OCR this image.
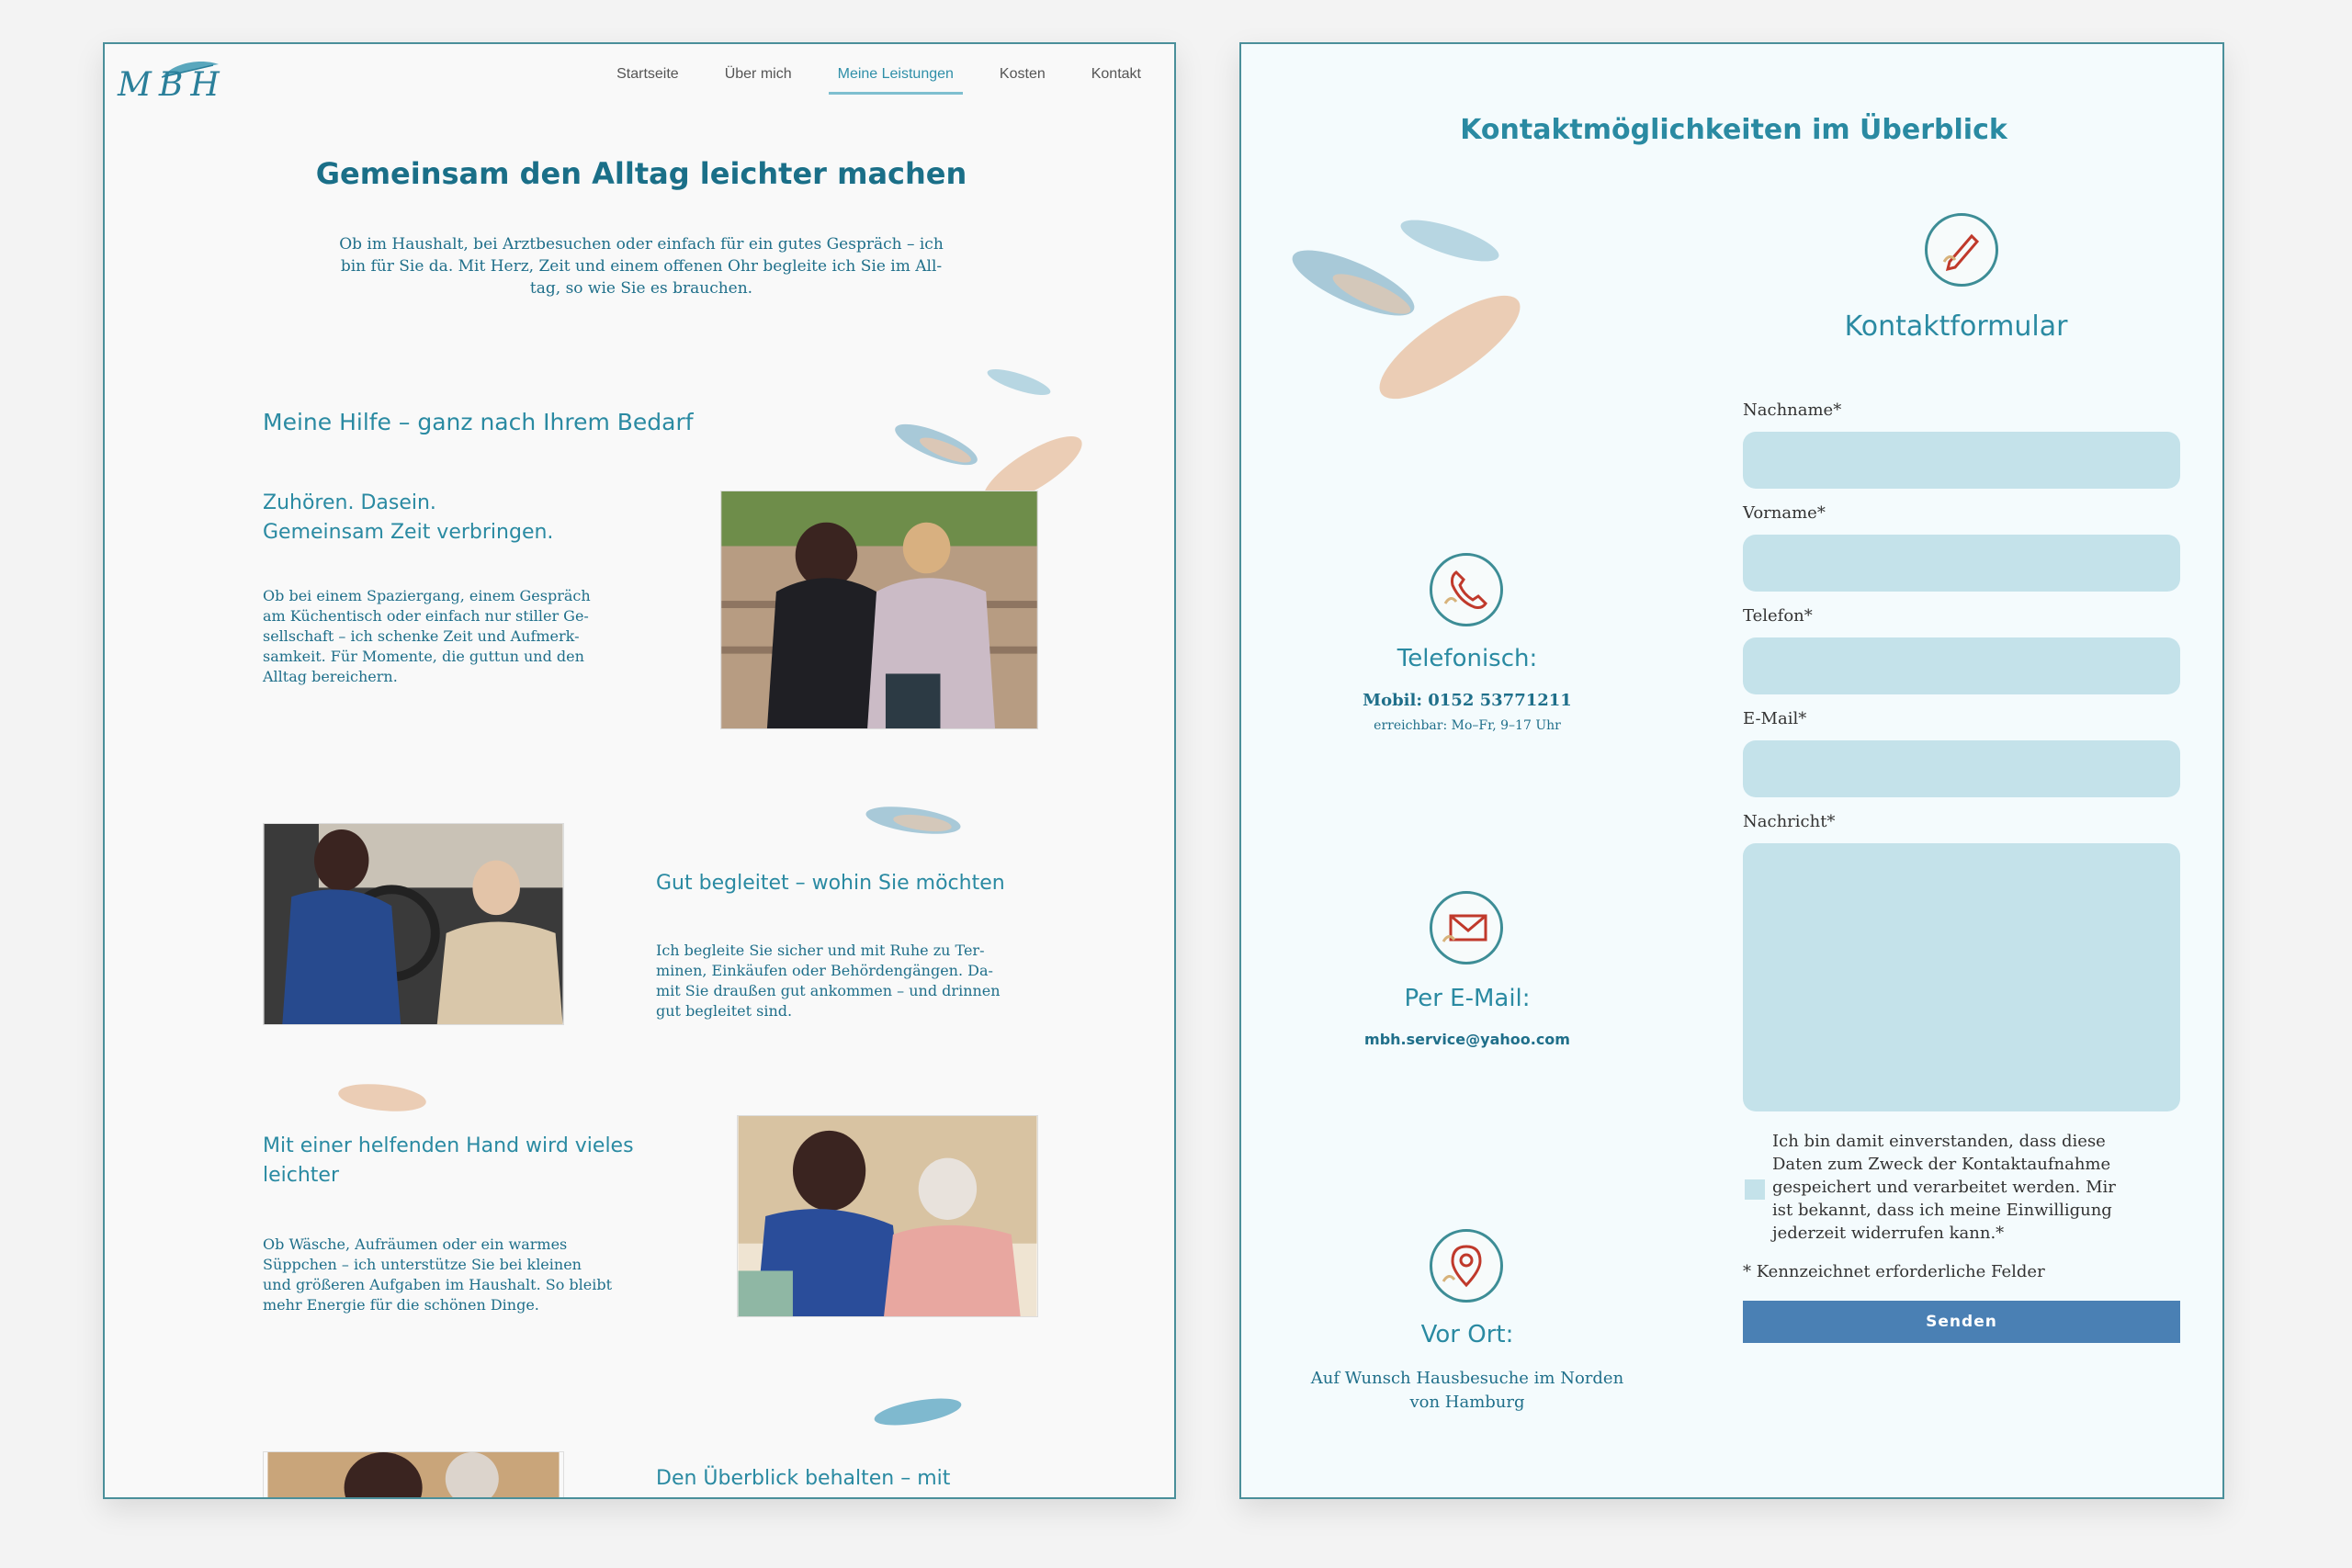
MBH	Startseite	Über mich	Meine Leistungen	Kosten	Kontakt
Gemeinsam den Alltag leichter machen
Ob im Haushalt, bei Arztbesuchen oder einfach für ein gutes Gespräch – ich
bin für Sie da. Mit Herz, Zeit und einem offenen Ohr begleite ich Sie im All-
tag, so wie Sie es brauchen.
Meine Hilfe – ganz nach Ihrem Bedarf
Zuhören. Dasein.
Gemeinsam Zeit verbringen.
Ob bei einem Spaziergang, einem Gespräch
am Küchentisch oder einfach nur stiller Ge-
sellschaft – ich schenke Zeit und Aufmerk-
samkeit. Für Momente, die guttun und den
Alltag bereichern.
Gut begleitet – wohin Sie möchten
Ich begleite Sie sicher und mit Ruhe zu Ter-
minen, Einkäufen oder Behördengängen. Da-
mit Sie draußen gut ankommen – und drinnen
gut begleitet sind.
Mit einer helfenden Hand wird vieles
leichter
Ob Wäsche, Aufräumen oder ein warmes
Süppchen – ich unterstütze Sie bei kleinen
und größeren Aufgaben im Haushalt. So bleibt
mehr Energie für die schönen Dinge.
Den Überblick behalten – mit
Kontaktmöglichkeiten im Überblick
Kontaktformular
Telefonisch:
Mobil: 0152 53771211
erreichbar: Mo–Fr, 9–17 Uhr
Per E-Mail:
mbh.service@yahoo.com
Vor Ort:
Auf Wunsch Hausbesuche im Norden
von Hamburg
Nachname*
Vorname*
Telefon*
E-Mail*
Nachricht*
Ich bin damit einverstanden, dass diese
Daten zum Zweck der Kontaktaufnahme
gespeichert und verarbeitet werden. Mir
ist bekannt, dass ich meine Einwilligung
jederzeit widerrufen kann.*
* Kennzeichnet erforderliche Felder
Senden
